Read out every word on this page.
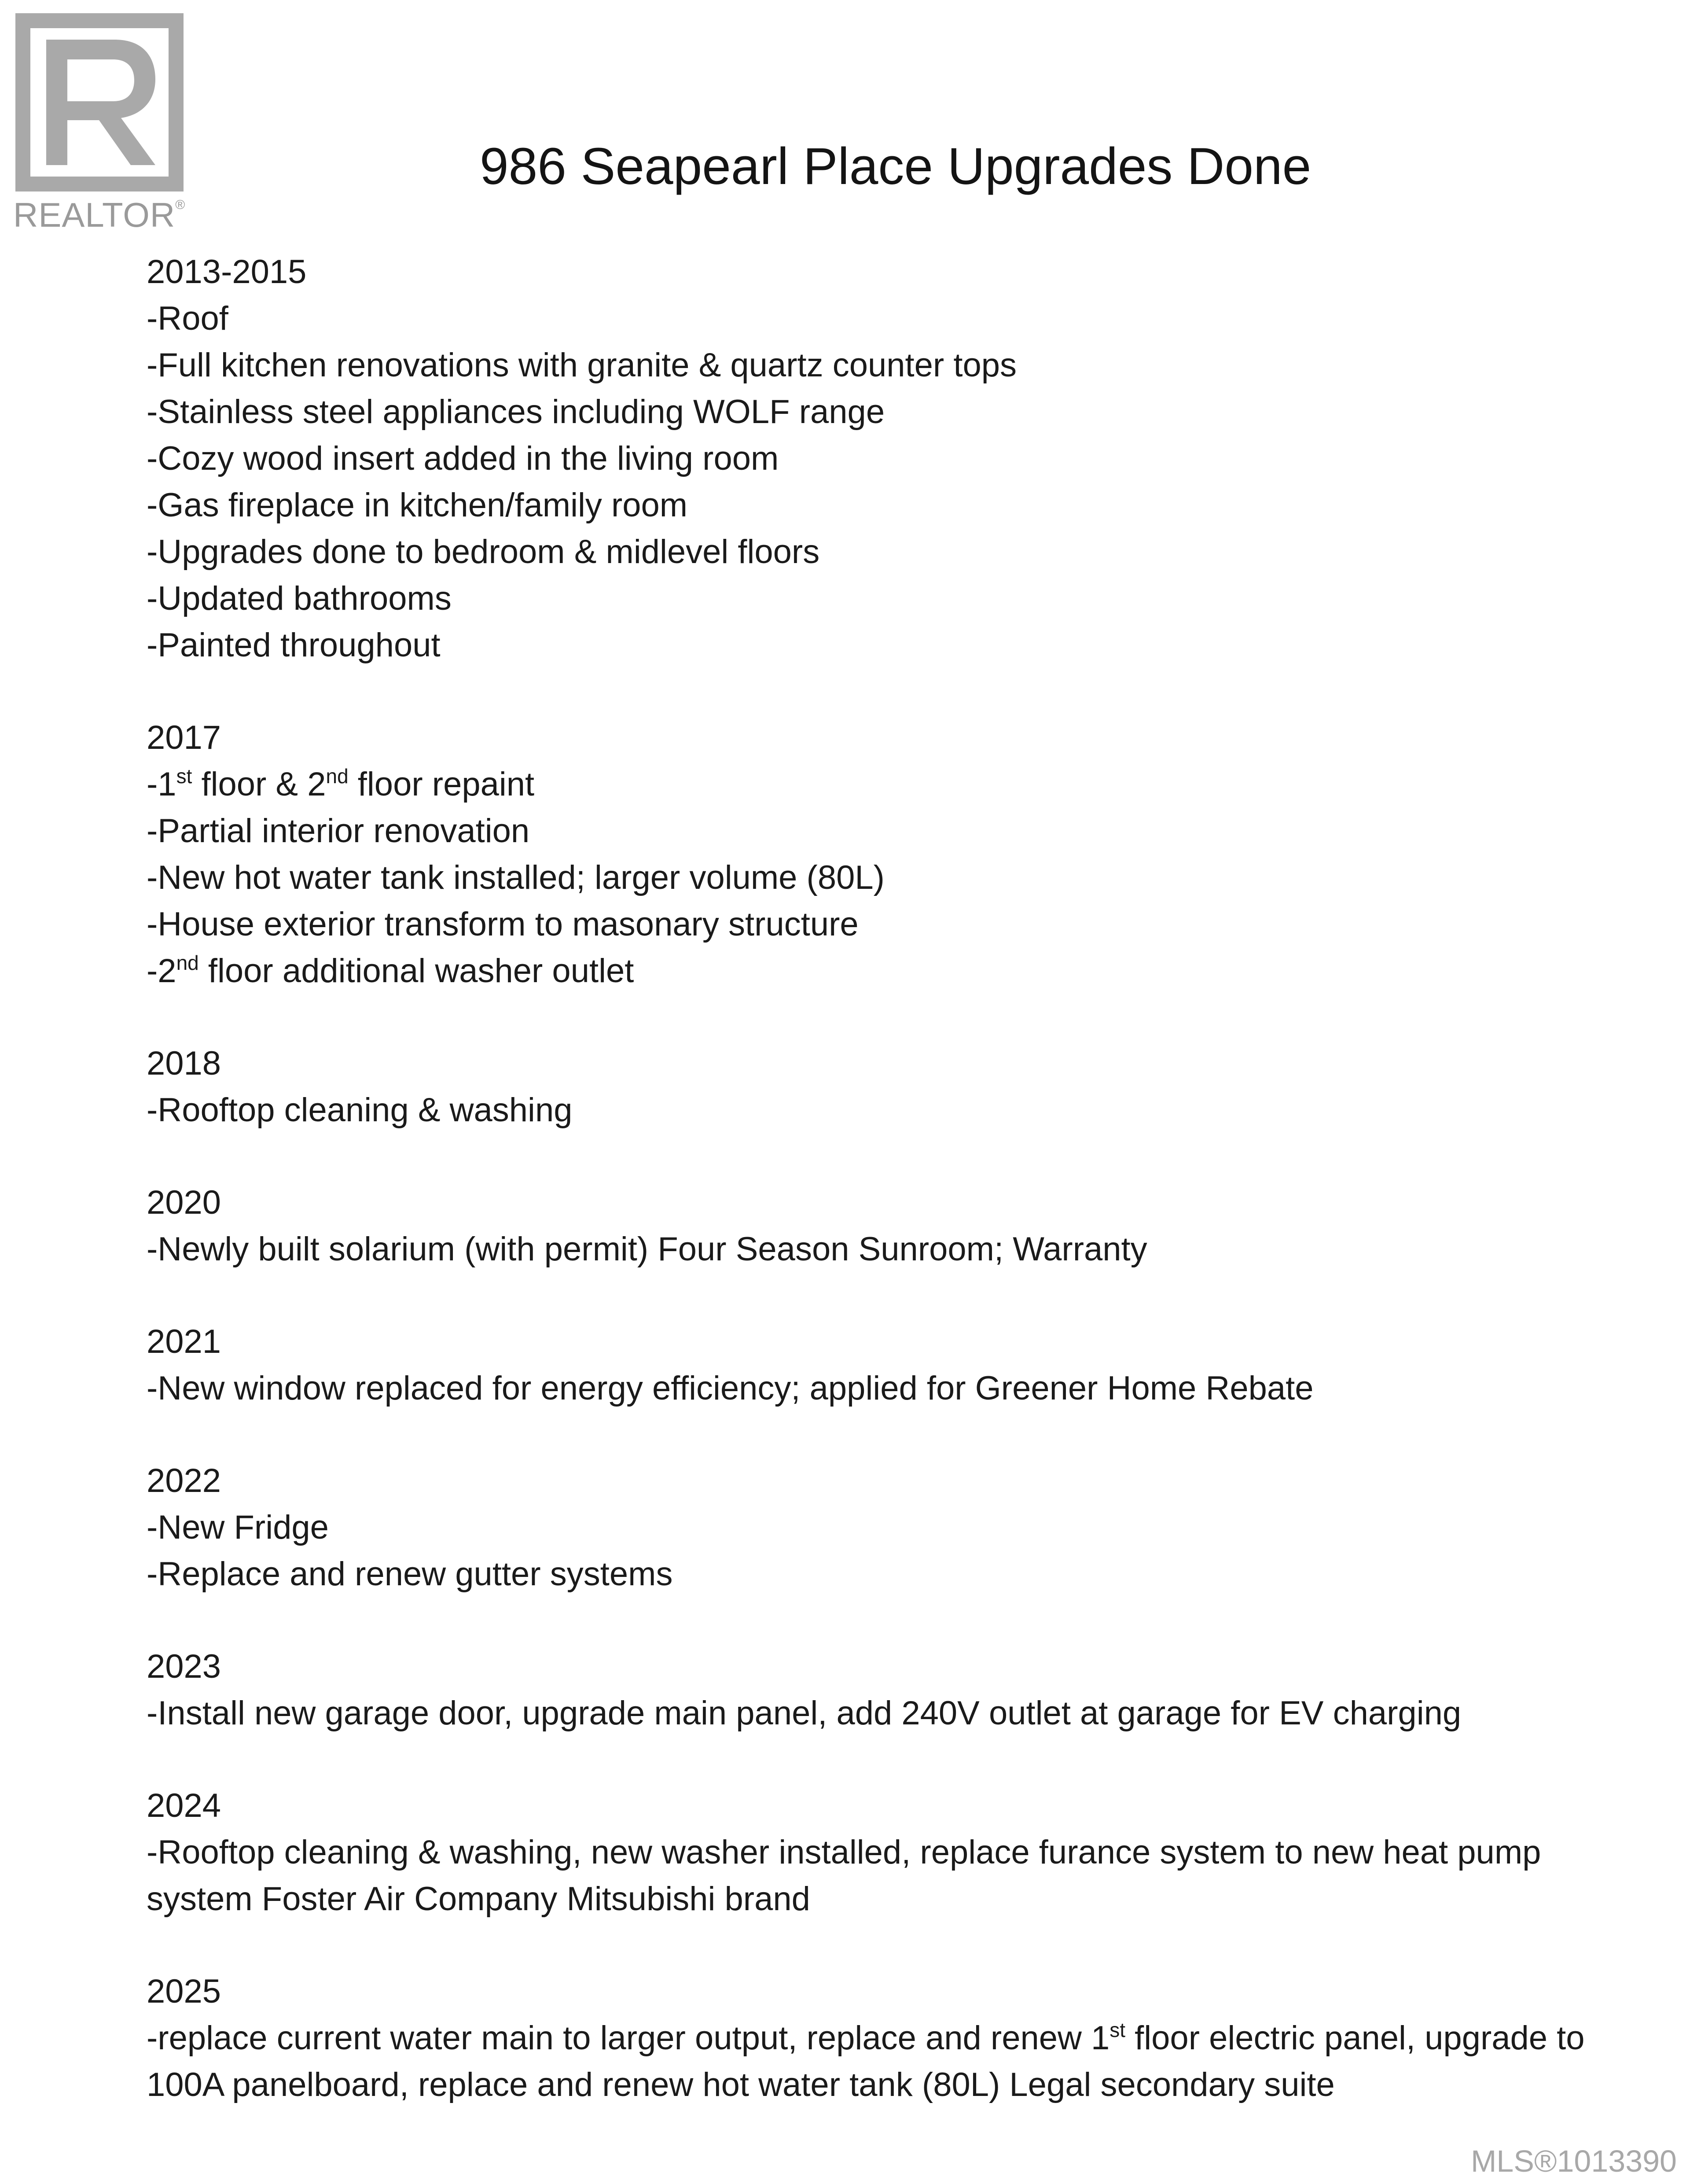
REALTOR®
986 Seapearl Place Upgrades Done
2013-2015
-Roof
-Full kitchen renovations with granite & quartz counter tops
-Stainless steel appliances including WOLF range
-Cozy wood insert added in the living room
-Gas fireplace in kitchen/family room
-Upgrades done to bedroom & midlevel floors
-Updated bathrooms
-Painted throughout
2017
-1st floor & 2nd floor repaint
-Partial interior renovation
-New hot water tank installed; larger volume (80L)
-House exterior transform to masonary structure
-2nd floor additional washer outlet
2018
-Rooftop cleaning & washing
2020
-Newly built solarium (with permit) Four Season Sunroom; Warranty
2021
-New window replaced for energy efficiency; applied for Greener Home Rebate
2022
-New Fridge
-Replace and renew gutter systems
2023
-Install new garage door, upgrade main panel, add 240V outlet at garage for EV charging
2024
-Rooftop cleaning & washing, new washer installed, replace furance system to new heat pump system Foster Air Company Mitsubishi brand
2025
-replace current water main to larger output, replace and renew 1st floor electric panel, upgrade to 100A panelboard, replace and renew hot water tank (80L) Legal secondary suite
MLS®1013390
